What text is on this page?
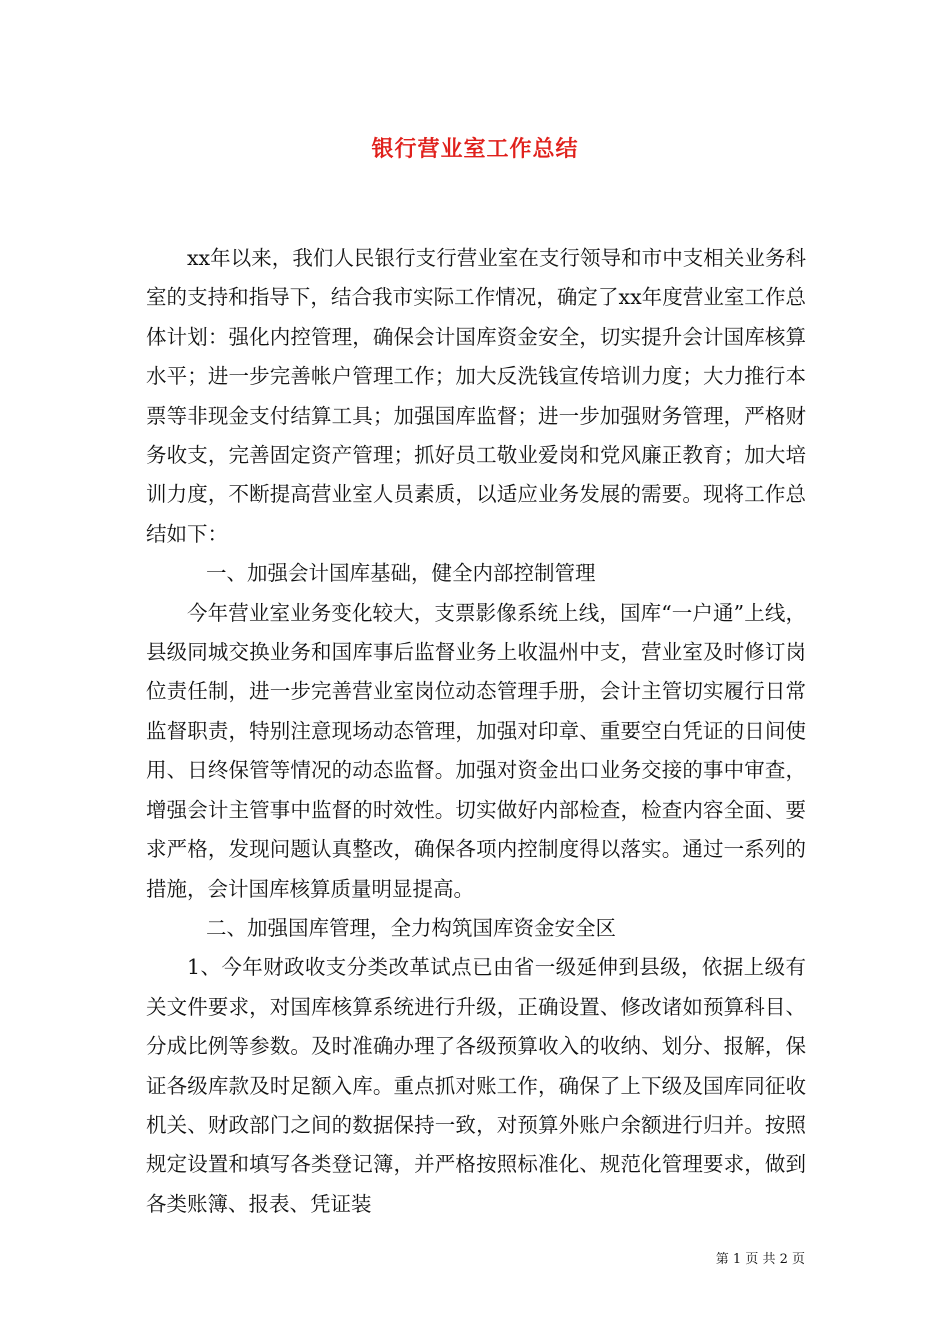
银行营业室工作总结

xx年以来，我们人民银行支行营业室在支行领导和市中支相关业务科室的支持和指导下，结合我市实际工作情况，确定了xx年度营业室工作总体计划：强化内控管理，确保会计国库资金安全，切实提升会计国库核算水平；进一步完善帐户管理工作；加大反洗钱宣传培训力度；大力推行本票等非现金支付结算工具；加强国库监督；进一步加强财务管理，严格财务收支，完善固定资产管理；抓好员工敬业爱岗和党风廉正教育；加大培训力度，不断提高营业室人员素质，以适应业务发展的需要。现将工作总结如下：

一、加强会计国库基础，健全内部控制管理

今年营业室业务变化较大，支票影像系统上线，国库“一户通”上线，县级同城交换业务和国库事后监督业务上收温州中支，营业室及时修订岗位责任制，进一步完善营业室岗位动态管理手册，会计主管切实履行日常监督职责，特别注意现场动态管理，加强对印章、重要空白凭证的日间使用、日终保管等情况的动态监督。加强对资金出口业务交接的事中审查，增强会计主管事中监督的时效性。切实做好内部检查，检查内容全面、要求严格，发现问题认真整改，确保各项内控制度得以落实。通过一系列的措施，会计国库核算质量明显提高。

二、加强国库管理，全力构筑国库资金安全区

1、今年财政收支分类改革试点已由省一级延伸到县级，依据上级有关文件要求，对国库核算系统进行升级，正确设置、修改诸如预算科目、分成比例等参数。及时准确办理了各级预算收入的收纳、划分、报解，保证各级库款及时足额入库。重点抓对账工作，确保了上下级及国库同征收机关、财政部门之间的数据保持一致，对预算外账户余额进行归并。按照规定设置和填写各类登记簿，并严格按照标准化、规范化管理要求，做到各类账簿、报表、凭证装

第 1 页 共 2 页
